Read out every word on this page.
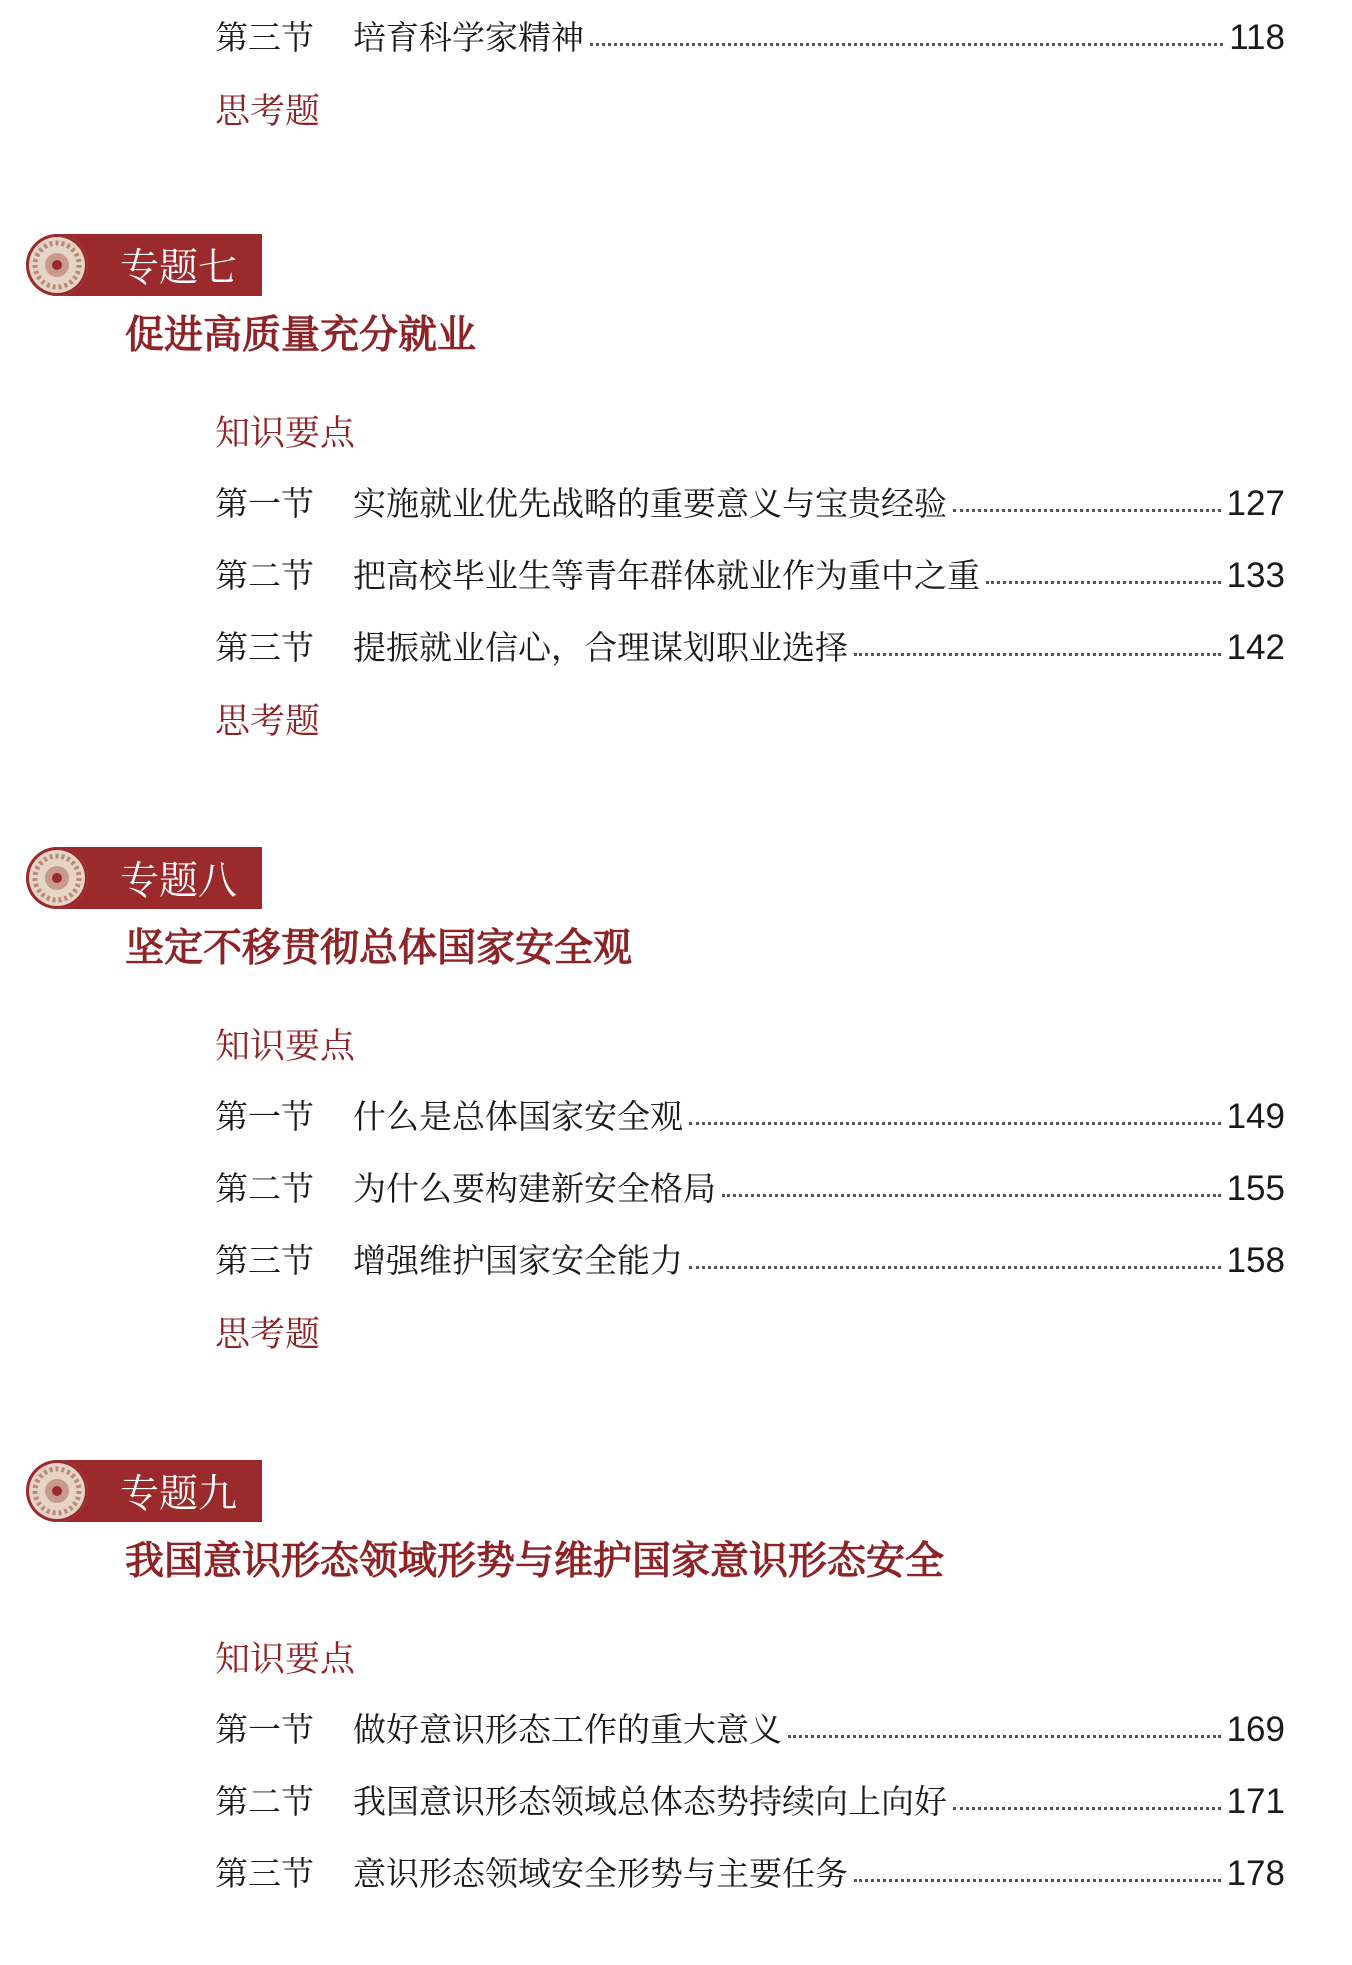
第三节	培育科学家精神	118
思考题
专题七
促进高质量充分就业
知识要点
第一节	实施就业优先战略的重要意义与宝贵经验	127
第二节	把高校毕业生等青年群体就业作为重中之重	133
第三节	提振就业信心，合理谋划职业选择	142
思考题
专题八
坚定不移贯彻总体国家安全观
知识要点
第一节	什么是总体国家安全观	149
第二节	为什么要构建新安全格局	155
第三节	增强维护国家安全能力	158
思考题
专题九
我国意识形态领域形势与维护国家意识形态安全
知识要点
第一节	做好意识形态工作的重大意义	169
第二节	我国意识形态领域总体态势持续向上向好	171
第三节	意识形态领域安全形势与主要任务	178
